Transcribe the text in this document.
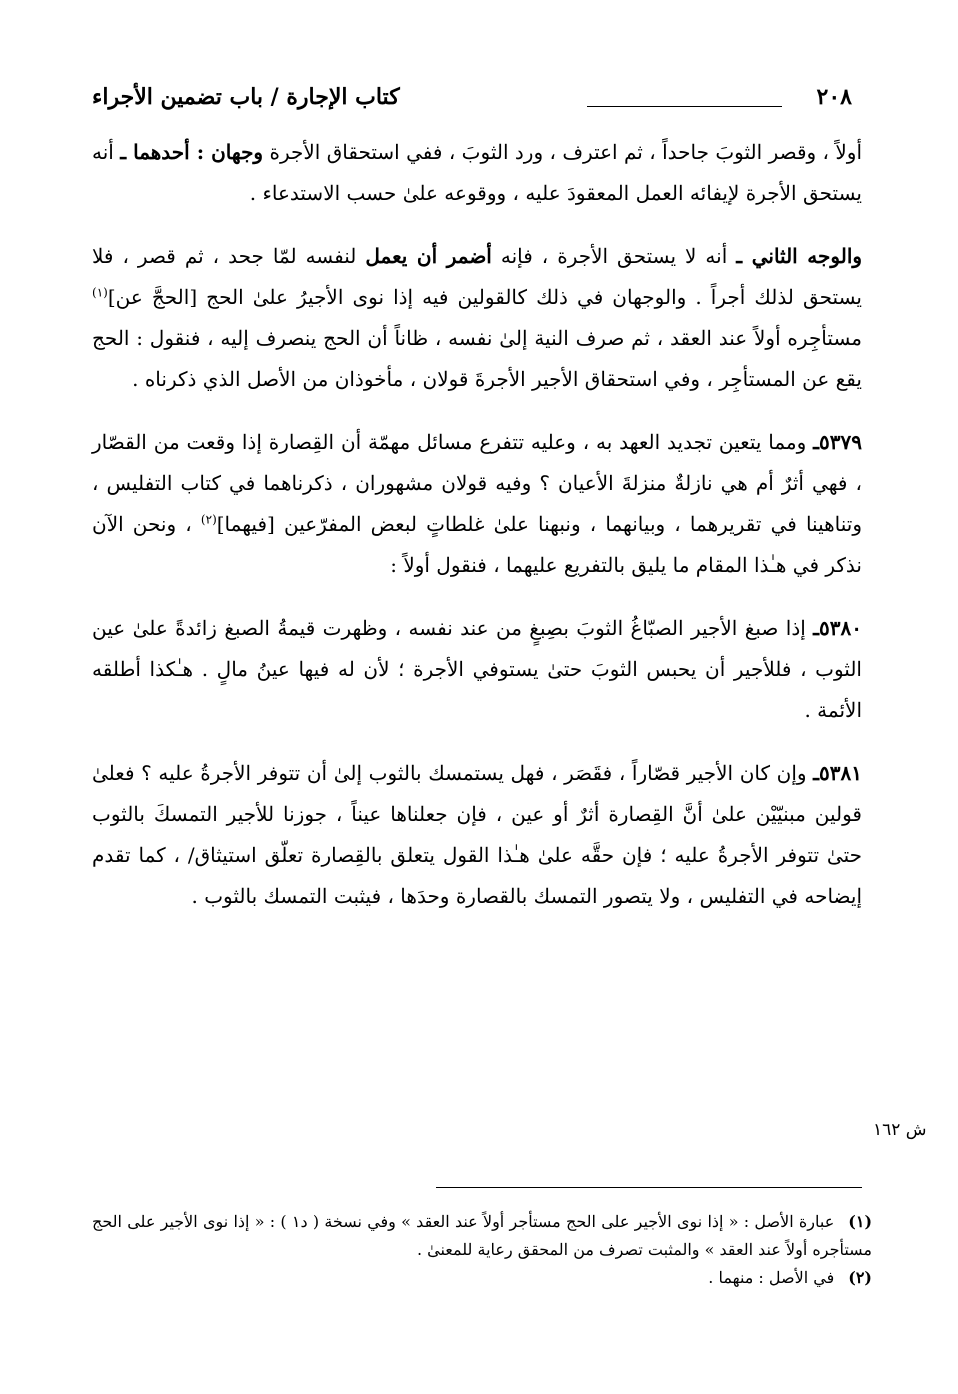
٢٠٨
كتاب الإجارة / باب تضمين الأجراء

أولاً ، وقصر الثوبَ جاحداً ، ثم اعترف ، ورد الثوبَ ، ففي استحقاق الأجرة وجهان : أحدهما ـ أنه يستحق الأجرة لإيفائه العمل المعقودَ عليه ، ووقوعه علىٰ حسب الاستدعاء .

والوجه الثاني ـ أنه لا يستحق الأجرة ، فإنه أضمر أن يعمل لنفسه لمّا جحد ، ثم قصر ، فلا يستحق لذلك أجراً . والوجهان في ذلك كالقولين فيه إذا نوى الأجيرُ علىٰ الحج [الحجَّ عن]$^{(١)}$ مستأجِره أولاً عند العقد ، ثم صرف النية إلىٰ نفسه ، ظاناً أن الحج ينصرف إليه ، فنقول : الحج يقع عن المستأجِر ، وفي استحقاق الأجير الأجرةَ قولان ، مأخوذان من الأصل الذي ذكرناه .

٥٣٧٩ـ ومما يتعين تجديد العهد به ، وعليه تتفرع مسائل مهمّة أن القِصارة إذا وقعت من القصّار ، فهي أثرٌ أم هي نازلةٌ منزلةَ الأعيان ؟ وفيه قولان مشهوران ، ذكرناهما في كتاب التفليس ، وتناهينا في تقريرهما ، وبيانهما ، ونبهنا علىٰ غلطاتٍ لبعض المفرّعين [فيهما]$^{(٢)}$ ، ونحن الآن نذكر في هـٰذا المقام ما يليق بالتفريع عليهما ، فنقول أولاً :

٥٣٨٠ـ إذا صبغ الأجير الصبّاغُ الثوبَ بصِبغٍ من عند نفسه ، وظهرت قيمةُ الصبغ زائدةً علىٰ عين الثوب ، فللأجير أن يحبس الثوبَ حتىٰ يستوفي الأجرة ؛ لأن له فيها عينُ مالٍ . هـٰكذا أطلقه الأئمة .

٥٣٨١ـ وإن كان الأجير قصّاراً ، فقَصَر ، فهل يستمسك بالثوب إلىٰ أن تتوفر الأجرةُ عليه ؟ فعلىٰ قولين مبنيّيْن علىٰ أنَّ القِصارة أثرٌ أو عين ، فإن جعلناها عيناً ، جوزنا للأجير التمسكَ بالثوب حتىٰ تتوفر الأجرةُ عليه ؛ فإن حقَّه علىٰ هـٰذا القول يتعلق بالقِصارة تعلّق استيثاق/ ، كما تقدم إيضاحه في التفليس ، ولا يتصور التمسك بالقصارة وحدَها ، فيثبت التمسك بالثوب .

ش ١٦٢

(١)عبارة الأصل : « إذا نوى الأجير على الحج مستأجر أولاً عند العقد » وفي نسخة ( د١ ) : « إذا نوى الأجير على الحج مستأجره أولاً عند العقد » والمثبت تصرف من المحقق رعاية للمعنىٰ .

(٢)في الأصل : منهما .
